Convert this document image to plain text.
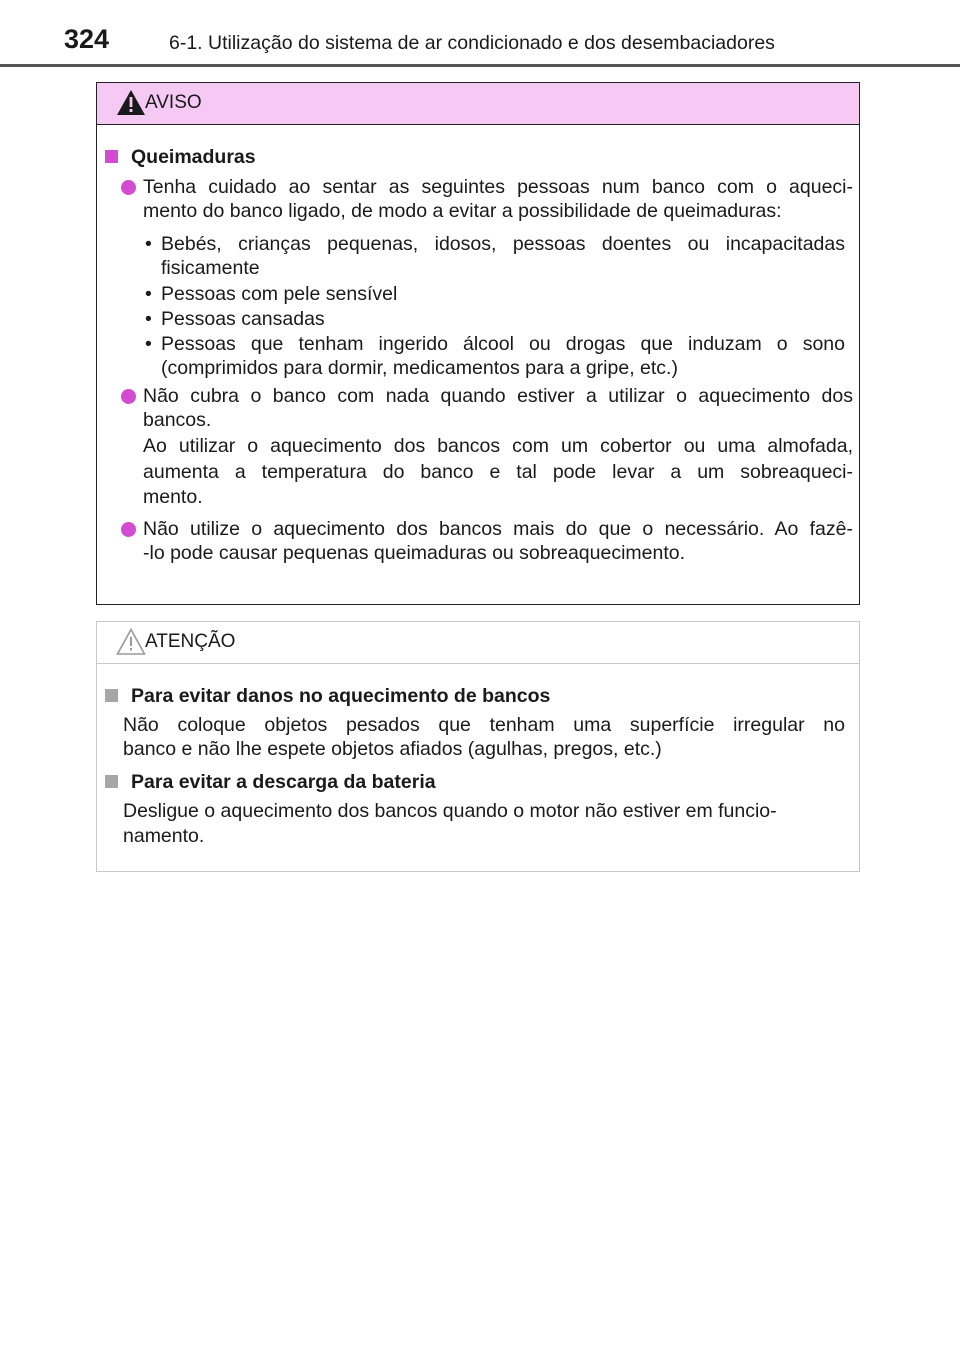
324	6-1. Utilização do sistema de ar condicionado e dos desembaciadores
AVISO
Queimaduras
Tenha cuidado ao sentar as seguintes pessoas num banco com o aqueci-
mento do banco ligado, de modo a evitar a possibilidade de queimaduras:
• Bebés, crianças pequenas, idosos, pessoas doentes ou incapacitadas
fisicamente
• Pessoas com pele sensível
• Pessoas cansadas
• Pessoas que tenham ingerido álcool ou drogas que induzam o sono
(comprimidos para dormir, medicamentos para a gripe, etc.)
Não cubra o banco com nada quando estiver a utilizar o aquecimento dos
bancos.
Ao utilizar o aquecimento dos bancos com um cobertor ou uma almofada,
aumenta a temperatura do banco e tal pode levar a um sobreaqueci-
mento.
Não utilize o aquecimento dos bancos mais do que o necessário. Ao fazê-
-lo pode causar pequenas queimaduras ou sobreaquecimento.
ATENÇÃO
Para evitar danos no aquecimento de bancos
Não coloque objetos pesados que tenham uma superfície irregular no
banco e não lhe espete objetos afiados (agulhas, pregos, etc.)
Para evitar a descarga da bateria
Desligue o aquecimento dos bancos quando o motor não estiver em funcio-
namento.
